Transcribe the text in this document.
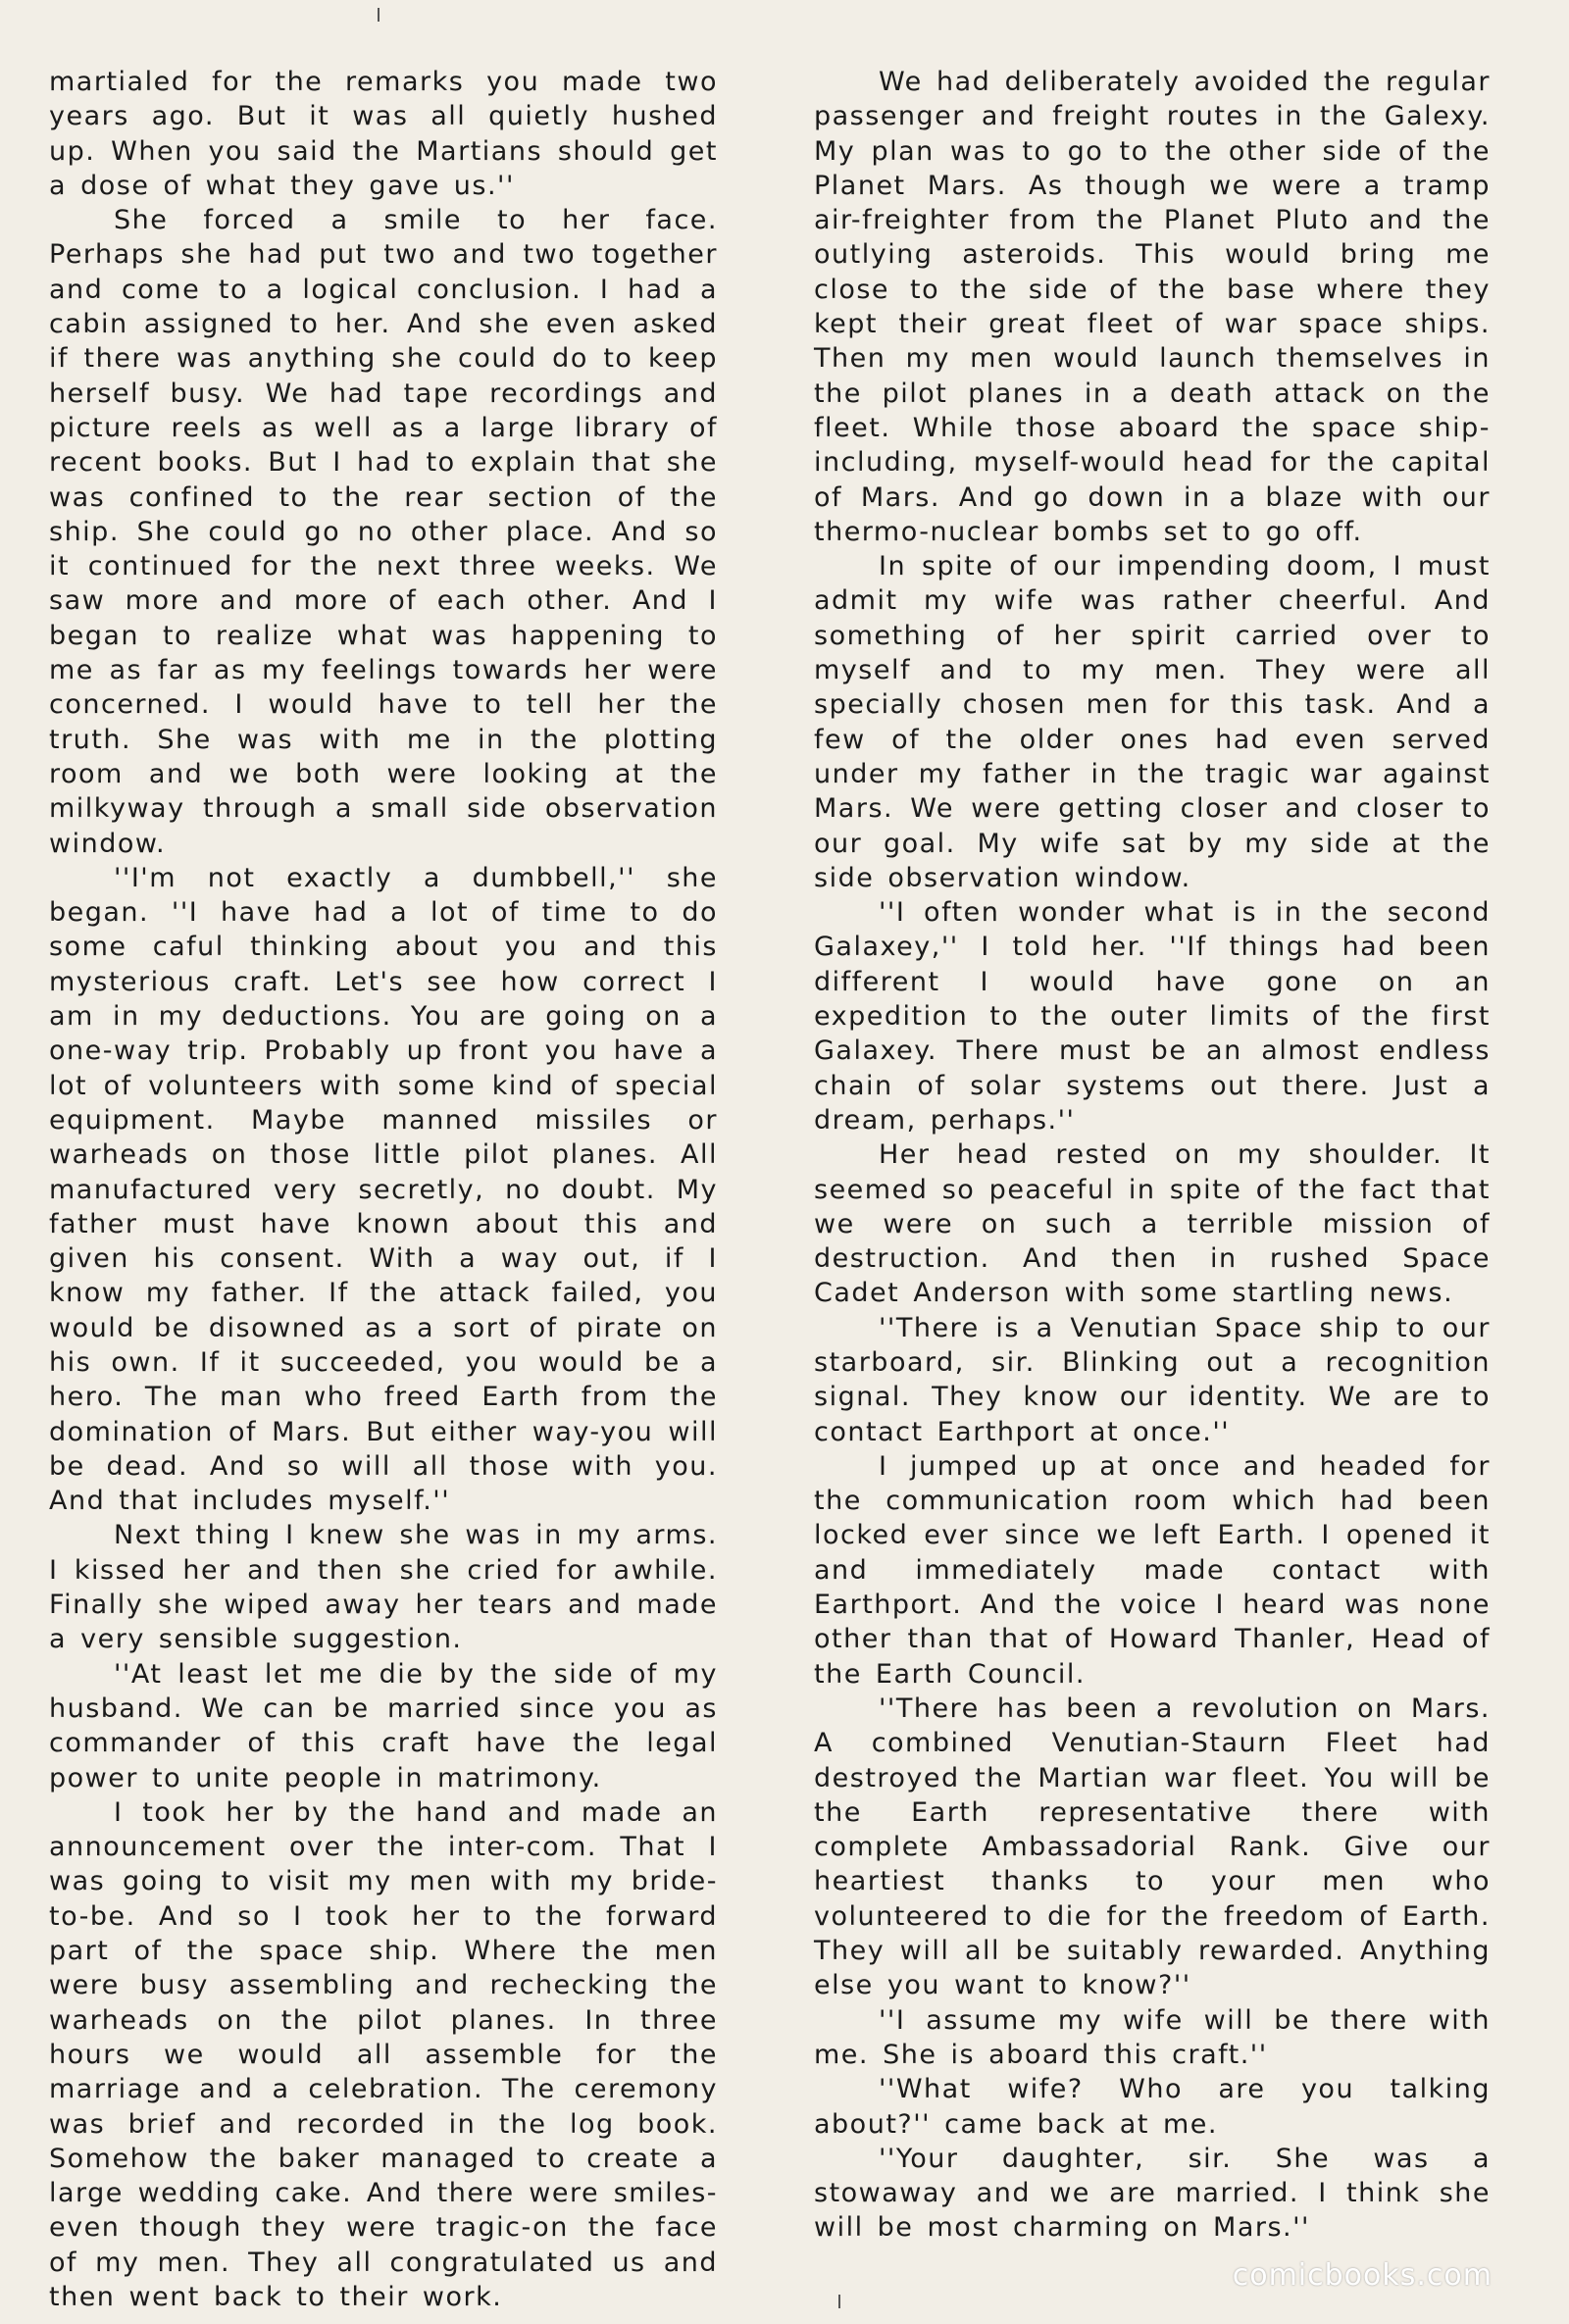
martialed for the remarks you made two years ago. But it was all quietly hushed up. When you said the Martians should get a dose of what they gave us.''

She forced a smile to her face. Perhaps she had put two and two together and come to a logical conclusion. I had a cabin assigned to her. And she even asked if there was anything she could do to keep herself busy. We had tape recordings and picture reels as well as a large library of recent books. But I had to explain that she was confined to the rear section of the ship. She could go no other place. And so it continued for the next three weeks. We saw more and more of each other. And I began to realize what was happening to me as far as my feelings towards her were concerned. I would have to tell her the truth. She was with me in the plotting room and we both were looking at the milkyway through a small side observation window.

''I'm not exactly a dumbbell,'' she began. ''I have had a lot of time to do some caful thinking about you and this mysterious craft. Let's see how correct I am in my deductions. You are going on a one-way trip. Probably up front you have a lot of volunteers with some kind of special equipment. Maybe manned missiles or warheads on those little pilot planes. All manufactured very secretly, no doubt. My father must have known about this and given his consent. With a way out, if I know my father. If the attack failed, you would be disowned as a sort of pirate on his own. If it succeeded, you would be a hero. The man who freed Earth from the domination of Mars. But either way-you will be dead. And so will all those with you. And that includes myself.''

Next thing I knew she was in my arms. I kissed her and then she cried for awhile. Finally she wiped away her tears and made a very sensible suggestion.

''At least let me die by the side of my husband. We can be married since you as commander of this craft have the legal power to unite people in matrimony.

I took her by the hand and made an announcement over the inter-com. That I was going to visit my men with my bride-to-be. And so I took her to the forward part of the space ship. Where the men were busy assembling and rechecking the warheads on the pilot planes. In three hours we would all assemble for the marriage and a celebration. The ceremony was brief and recorded in the log book. Somehow the baker managed to create a large wedding cake. And there were smiles-even though they were tragic-on the face of my men. They all congratulated us and then went back to their work.

We had deliberately avoided the regular passenger and freight routes in the Galexy. My plan was to go to the other side of the Planet Mars. As though we were a tramp air-freighter from the Planet Pluto and the outlying asteroids. This would bring me close to the side of the base where they kept their great fleet of war space ships. Then my men would launch themselves in the pilot planes in a death attack on the fleet. While those aboard the space ship-including, myself-would head for the capital of Mars. And go down in a blaze with our thermo-nuclear bombs set to go off.

In spite of our impending doom, I must admit my wife was rather cheerful. And something of her spirit carried over to myself and to my men. They were all specially chosen men for this task. And a few of the older ones had even served under my father in the tragic war against Mars. We were getting closer and closer to our goal. My wife sat by my side at the side observation window.

''I often wonder what is in the second Galaxey,'' I told her. ''If things had been different I would have gone on an expedition to the outer limits of the first Galaxey. There must be an almost endless chain of solar systems out there. Just a dream, perhaps.''

Her head rested on my shoulder. It seemed so peaceful in spite of the fact that we were on such a terrible mission of destruction. And then in rushed Space Cadet Anderson with some startling news.

''There is a Venutian Space ship to our starboard, sir. Blinking out a recognition signal. They know our identity. We are to contact Earthport at once.''

I jumped up at once and headed for the communication room which had been locked ever since we left Earth. I opened it and immediately made contact with Earthport. And the voice I heard was none other than that of Howard Thanler, Head of the Earth Council.

''There has been a revolution on Mars. A combined Venutian-Staurn Fleet had destroyed the Martian war fleet. You will be the Earth representative there with complete Ambassadorial Rank. Give our heartiest thanks to your men who volunteered to die for the freedom of Earth. They will all be suitably rewarded. Anything else you want to know?''

''I assume my wife will be there with me. She is aboard this craft.''

''What wife? Who are you talking about?'' came back at me.

''Your daughter, sir. She was a stowaway and we are married. I think she will be most charming on Mars.''

comicbooks.com
